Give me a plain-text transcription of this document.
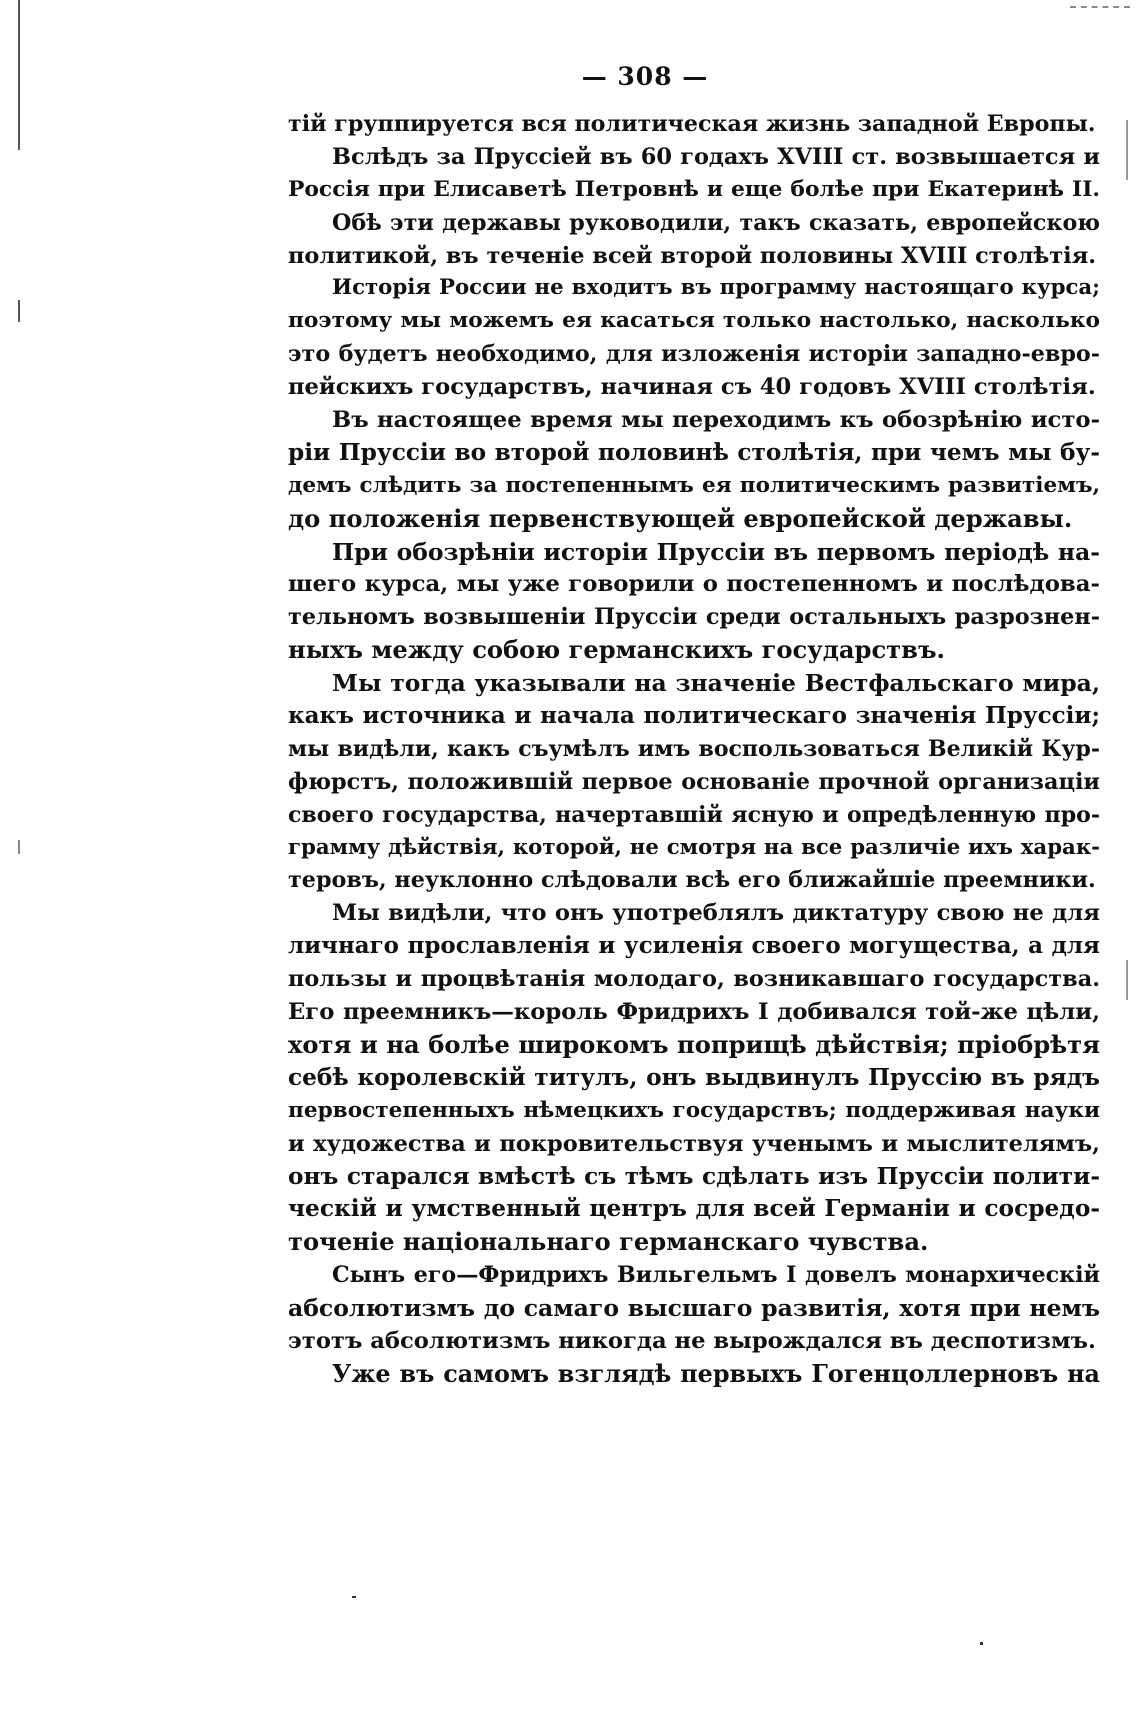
— 308 —
тій группируется вся политическая жизнь западной Европы.
Вслѣдъ за Пруссіей въ 60 годахъ XVIII ст. возвышается и
Россія при Елисаветѣ Петровнѣ и еще болѣе при Екатеринѣ II.
Обѣ эти державы руководили, такъ сказать, европейскою
политикой, въ теченіе всей второй половины XVIII столѣтія.
Исторія России не входитъ въ программу настоящаго курса;
поэтому мы можемъ ея касаться только настолько, насколько
это будетъ необходимо, для изложенія исторіи западно-евро-
пейскихъ государствъ, начиная съ 40 годовъ XVIII столѣтія.
Въ настоящее время мы переходимъ къ обозрѣнію исто-
ріи Пруссіи во второй половинѣ столѣтія, при чемъ мы бу-
демъ слѣдить за постепеннымъ ея политическимъ развитіемъ,
до положенія первенствующей европейской державы.
При обозрѣніи исторіи Пруссіи въ первомъ періодѣ на-
шего курса, мы уже говорили о постепенномъ и послѣдова-
тельномъ возвышеніи Пруссіи среди остальныхъ разрознен-
ныхъ между собою германскихъ государствъ.
Мы тогда указывали на значеніе Вестфальскаго мира,
какъ источника и начала политическаго значенія Пруссіи;
мы видѣли, какъ съумѣлъ имъ воспользоваться Великій Кур-
фюрстъ, положившій первое основаніе прочной организаціи
своего государства, начертавшій ясную и опредѣленную про-
грамму дѣйствія, которой, не смотря на все различіе ихъ харак-
теровъ, неуклонно слѣдовали всѣ его ближайшіе преемники.
Мы видѣли, что онъ употреблялъ диктатуру свою не для
личнаго прославленія и усиленія своего могущества, а для
пользы и процвѣтанія молодаго, возникавшаго государства.
Его преемникъ—король Фридрихъ I добивался той-же цѣли,
хотя и на болѣе широкомъ поприщѣ дѣйствія; пріобрѣтя
себѣ королевскій титулъ, онъ выдвинулъ Пруссію въ рядъ
первостепенныхъ нѣмецкихъ государствъ; поддерживая науки
и художества и покровительствуя ученымъ и мыслителямъ,
онъ старался вмѣстѣ съ тѣмъ сдѣлать изъ Пруссіи полити-
ческій и умственный центръ для всей Германіи и сосредо-
точеніе національнаго германскаго чувства.
Сынъ его—Фридрихъ Вильгельмъ I довелъ монархическій
абсолютизмъ до самаго высшаго развитія, хотя при немъ
этотъ абсолютизмъ никогда не вырождался въ деспотизмъ.
Уже въ самомъ взглядѣ первыхъ Гогенцоллерновъ на
